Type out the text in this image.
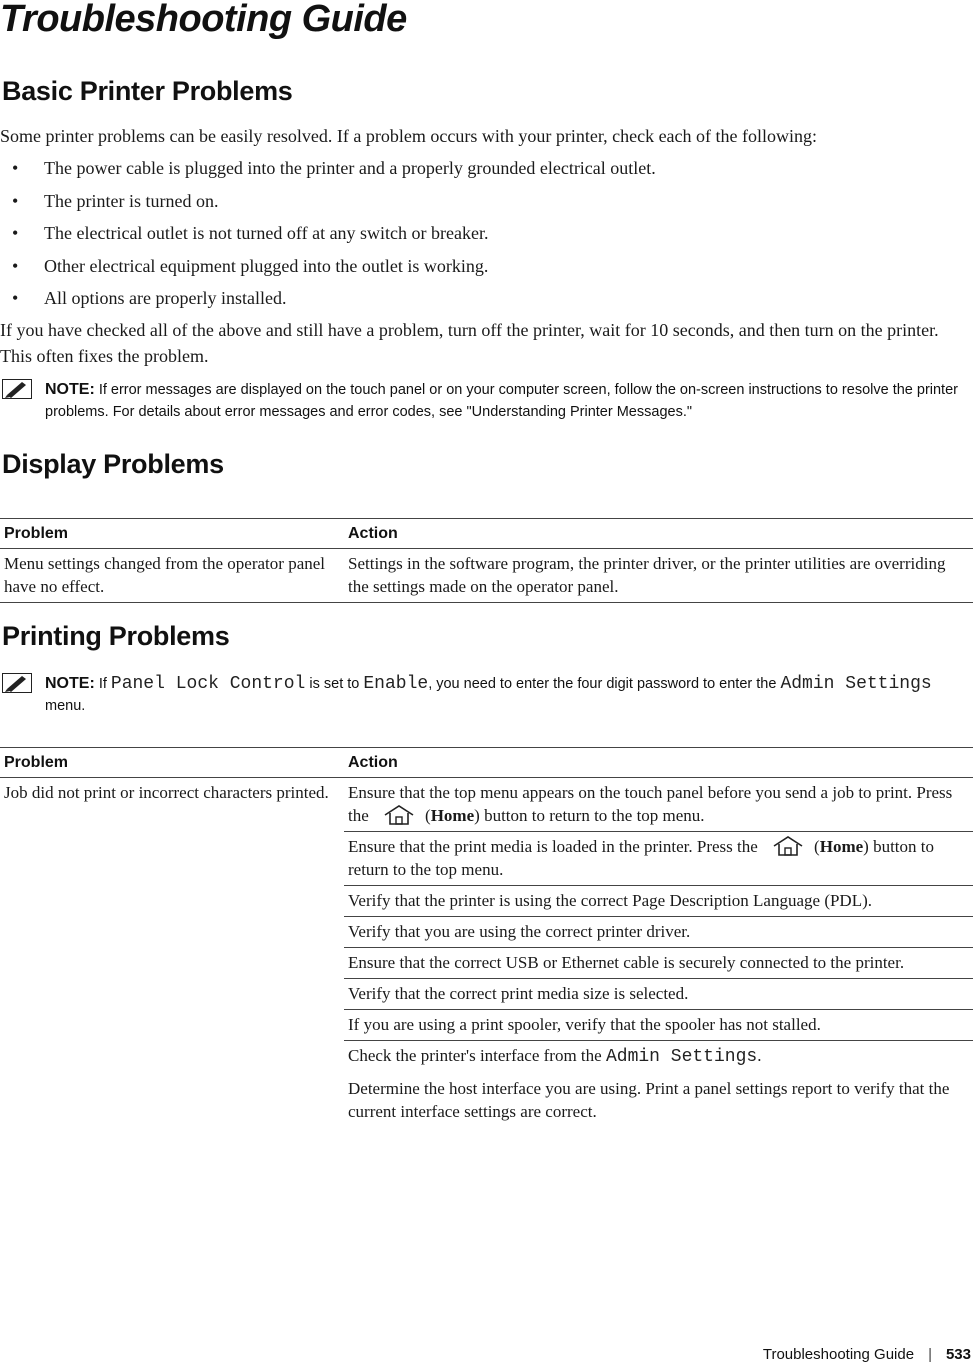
Troubleshooting Guide
Basic Printer Problems

Some printer problems can be easily resolved. If a problem occurs with your printer, check each of the following:

• The power cable is plugged into the printer and a properly grounded electrical outlet.
• The printer is turned on.
• The electrical outlet is not turned off at any switch or breaker.
• Other electrical equipment plugged into the outlet is working.
• All options are properly installed.

If you have checked all of the above and still have a problem, turn off the printer, wait for 10 seconds, and then turn on the printer. This often fixes the problem.

NOTE: If error messages are displayed on the touch panel or on your computer screen, follow the on-screen instructions to resolve the printer problems. For details about error messages and error codes, see "Understanding Printer Messages."
Display Problems
Problem	Action
Menu settings changed from the operator panel have no effect.	Settings in the software program, the printer driver, or the printer utilities are overriding the settings made on the operator panel.
Printing Problems
NOTE: If Panel Lock Control is set to Enable, you need to enter the four digit password to enter the Admin Settings menu.
Problem	Action
Job did not print or incorrect characters printed.	Ensure that the top menu appears on the touch panel before you send a job to print. Press the (Home) button to return to the top menu.
	Ensure that the print media is loaded in the printer. Press the (Home) button to return to the top menu.
	Verify that the printer is using the correct Page Description Language (PDL).
	Verify that you are using the correct printer driver.
	Ensure that the correct USB or Ethernet cable is securely connected to the printer.
	Verify that the correct print media size is selected.
	If you are using a print spooler, verify that the spooler has not stalled.

	Check the printer's interface from the Admin Settings.
Determine the host interface you are using. Print a panel settings report to verify that the current interface settings are correct.
Troubleshooting Guide | 533
